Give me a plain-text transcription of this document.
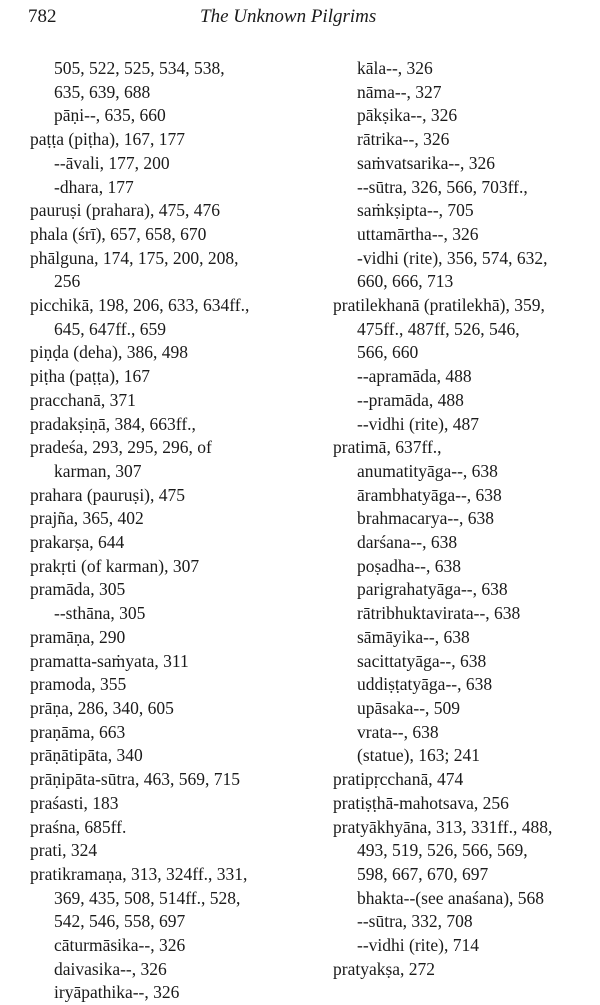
782	The Unknown Pilgrims
505, 522, 525, 534, 538,
635, 639, 688
pāṇi--, 635, 660
paṭṭa (piṭha), 167, 177
--āvali, 177, 200
-dhara, 177
pauruṣi (prahara), 475, 476
phala (śrī), 657, 658, 670
phālguna, 174, 175, 200, 208,
256
picchikā, 198, 206, 633, 634ff.,
645, 647ff., 659
piṇḍa (deha), 386, 498
piṭha (paṭṭa), 167
pracchanā, 371
pradakṣiṇā, 384, 663ff.,
pradeśa, 293, 295, 296, of
karman, 307
prahara (pauruṣi), 475
prajña, 365, 402
prakarṣa, 644
prakṛti (of karman), 307
pramāda, 305
--sthāna, 305
pramāṇa, 290
pramatta-saṁyata, 311
pramoda, 355
prāṇa, 286, 340, 605
praṇāma, 663
prāṇātipāta, 340
prāṇipāta-sūtra, 463, 569, 715
praśasti, 183
praśna, 685ff.
prati, 324
pratikramaṇa, 313, 324ff., 331,
369, 435, 508, 514ff., 528,
542, 546, 558, 697
cāturmāsika--, 326
daivasika--, 326
iryāpathika--, 326
kāla--, 326
nāma--, 327
pākṣika--, 326
rātrika--, 326
saṁvatsarika--, 326
--sūtra, 326, 566, 703ff.,
saṁkṣipta--, 705
uttamārtha--, 326
-vidhi (rite), 356, 574, 632,
660, 666, 713
pratilekhanā (pratilekhā), 359,
475ff., 487ff, 526, 546,
566, 660
--apramāda, 488
--pramāda, 488
--vidhi (rite), 487
pratimā, 637ff.,
anumatityāga--, 638
ārambhatyāga--, 638
brahmacarya--, 638
darśana--, 638
poṣadha--, 638
parigrahatyāga--, 638
rātribhuktavirata--, 638
sāmāyika--, 638
sacittatyāga--, 638
uddiṣṭatyāga--, 638
upāsaka--, 509
vrata--, 638
(statue), 163; 241
pratipṛcchanā, 474
pratiṣṭhā-mahotsava, 256
pratyākhyāna, 313, 331ff., 488,
493, 519, 526, 566, 569,
598, 667, 670, 697
bhakta--(see anaśana), 568
--sūtra, 332, 708
--vidhi (rite), 714
pratyakṣa, 272
